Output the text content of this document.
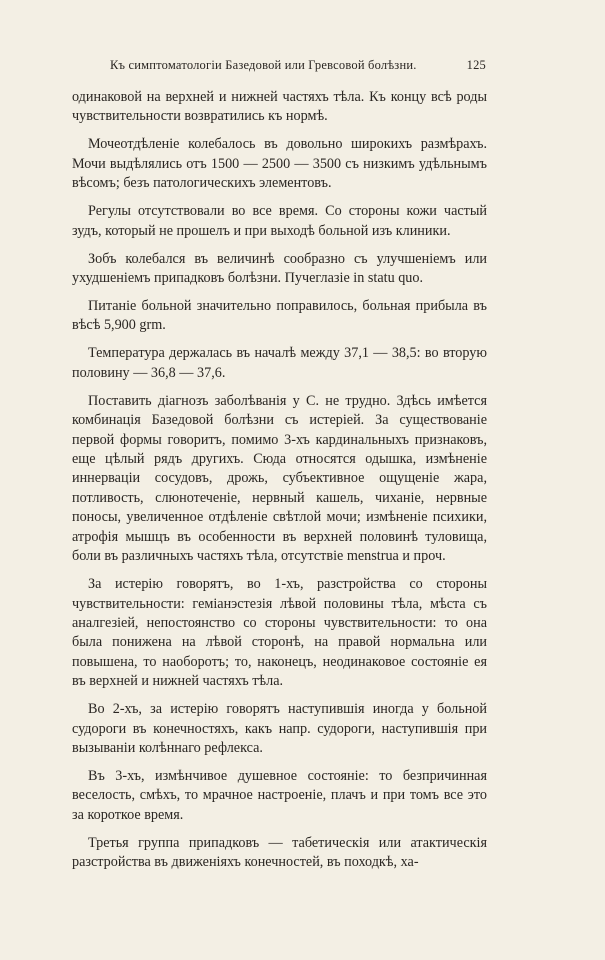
Къ симптоматологіи Базедовой или Гревсовой болѣзни.	125

одинаковой на верхней и нижней частяхъ тѣла. Къ концу всѣ роды чувствительности возвратились къ нормѣ.

Мочеотдѣленіе колебалось въ довольно широкихъ размѣрахъ. Мочи выдѣлялись отъ 1500 — 2500 — 3500 съ низкимъ удѣльнымъ вѣсомъ; безъ патологическихъ элементовъ.

Регулы отсутствовали во все время. Со стороны кожи частый зудъ, который не прошелъ и при выходѣ больной изъ клиники.

Зобъ колебался въ величинѣ сообразно съ улучшеніемъ или ухудшеніемъ припадковъ болѣзни. Пучеглазіе in statu quo.

Питаніе больной значительно поправилось, больная прибыла въ вѣсѣ 5,900 grm.

Температура держалась въ началѣ между 37,1 — 38,5: во вторую половину — 36,8 — 37,6.

Поставить діагнозъ заболѣванія у С. не трудно. Здѣсь имѣется комбинація Базедовой болѣзни съ истеріей. За существованіе первой формы говоритъ, помимо 3-хъ кардинальныхъ признаковъ, еще цѣлый рядъ другихъ. Сюда относятся одышка, измѣненіе иннерваціи сосудовъ, дрожь, субъективное ощущеніе жара, потливость, слюнотеченіе, нервный кашель, чиханіе, нервные поносы, увеличенное отдѣленіе свѣтлой мочи; измѣненіе психики, атрофія мышцъ въ особенности въ верхней половинѣ туловища, боли въ различныхъ частяхъ тѣла, отсутствіе menstrua и проч.

За истерію говорятъ, во 1-хъ, разстройства со стороны чувствительности: геміанэстезія лѣвой половины тѣла, мѣста съ аналгезіей, непостоянство со стороны чувствительности: то она была понижена на лѣвой сторонѣ, на правой нормальна или повышена, то наоборотъ; то, наконецъ, неодинаковое состояніе ея въ верхней и нижней частяхъ тѣла.

Во 2-хъ, за истерію говорятъ наступившія иногда у больной судороги въ конечностяхъ, какъ напр. судороги, наступившія при вызываніи колѣннаго рефлекса.

Въ 3-хъ, измѣнчивое душевное состояніе: то безпричинная веселость, смѣхъ, то мрачное настроеніе, плачъ и при томъ все это за короткое время.

Третья группа припадковъ — табетическія или атактическія разстройства въ движеніяхъ конечностей, въ походкѣ, ха-
